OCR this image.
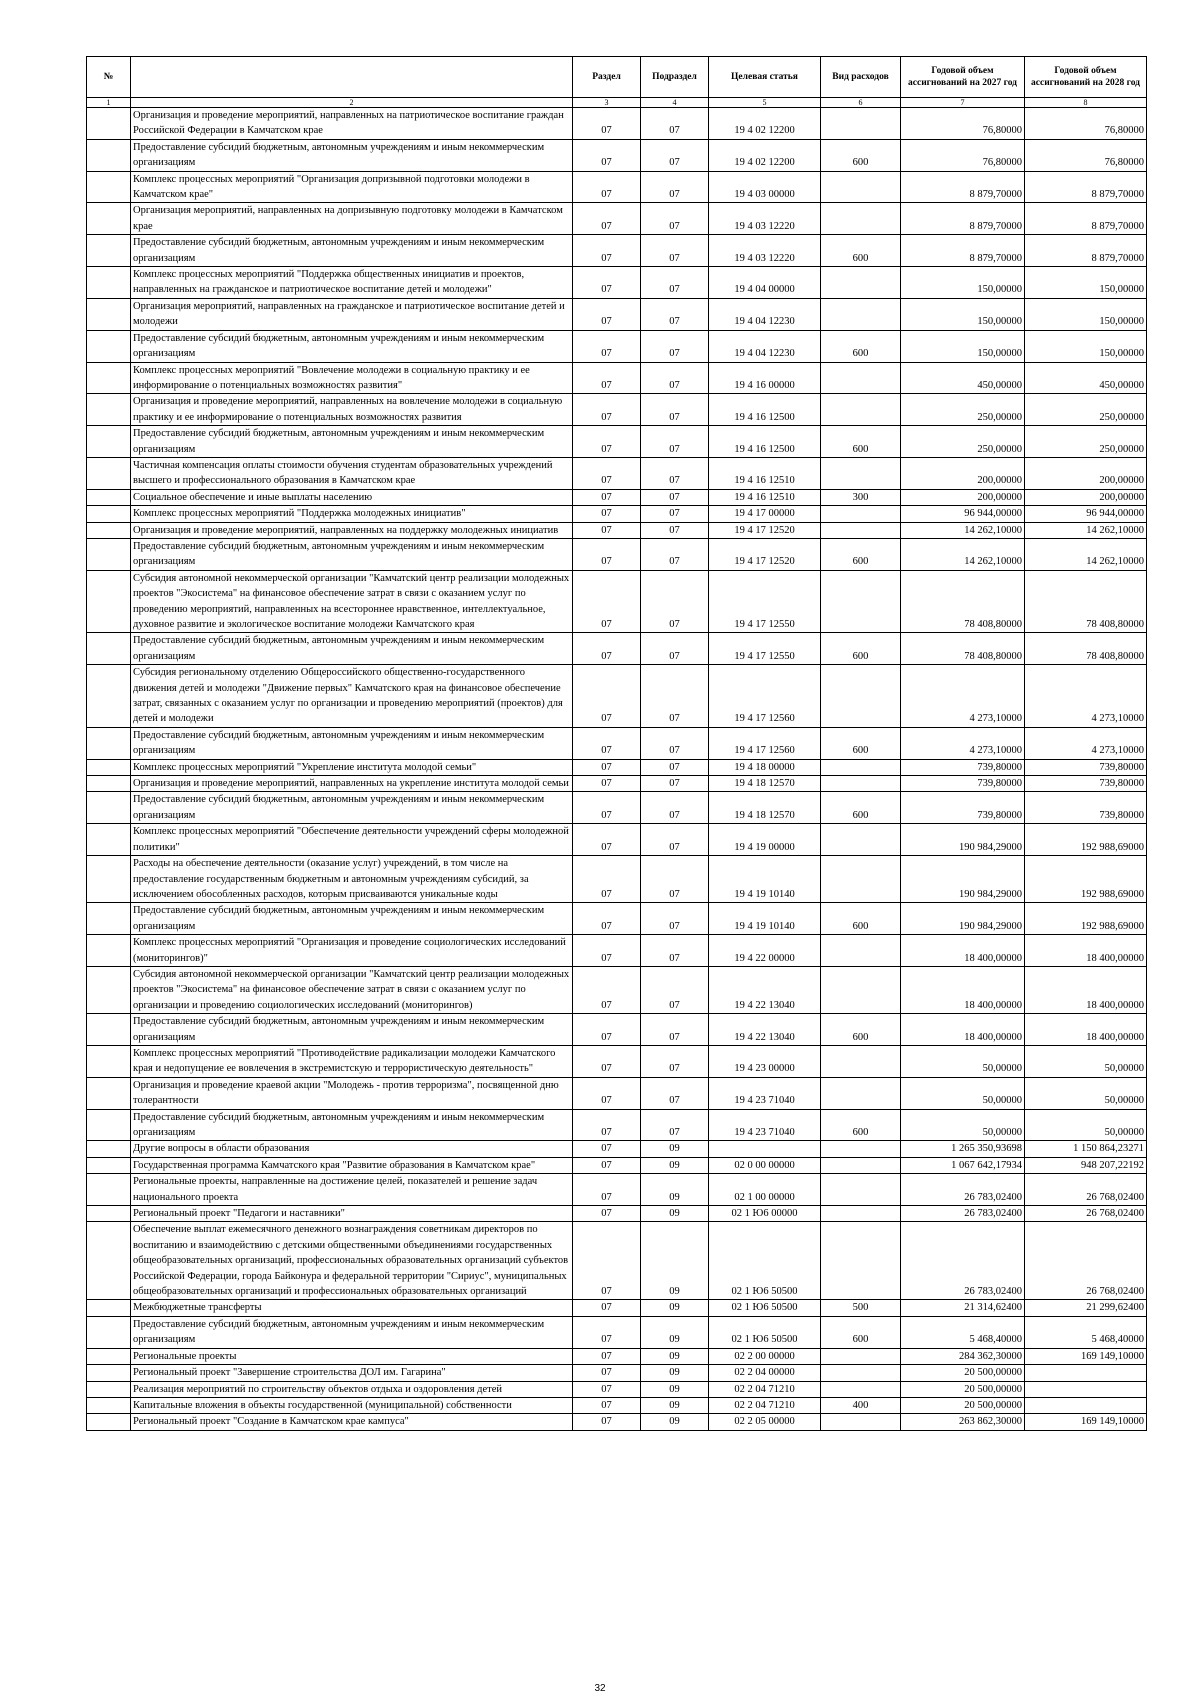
№		Раздел	Подраздел	Целевая статья	Вид расходов	Годовой объем ассигнований на 2027 год	Годовой объем ассигнований на 2028 год
1	2	3	4	5	6	7	8
	Организация и проведение мероприятий, направленных на патриотическое воспитание граждан Российской Федерации в Камчатском крае	07	07	19 4 02 12200		76,80000	76,80000
	Предоставление субсидий бюджетным, автономным учреждениям и иным некоммерческим организациям	07	07	19 4 02 12200	600	76,80000	76,80000
	Комплекс процессных мероприятий "Организация допризывной подготовки молодежи в Камчатском крае"	07	07	19 4 03 00000		8 879,70000	8 879,70000
	Организация мероприятий, направленных на допризывную подготовку молодежи в Камчатском крае	07	07	19 4 03 12220		8 879,70000	8 879,70000
	Предоставление субсидий бюджетным, автономным учреждениям и иным некоммерческим организациям	07	07	19 4 03 12220	600	8 879,70000	8 879,70000
	Комплекс процессных мероприятий "Поддержка общественных инициатив и проектов, направленных на гражданское и патриотическое воспитание детей и молодежи"	07	07	19 4 04 00000		150,00000	150,00000
	Организация мероприятий, направленных на гражданское и патриотическое воспитание детей и молодежи	07	07	19 4 04 12230		150,00000	150,00000
	Предоставление субсидий бюджетным, автономным учреждениям и иным некоммерческим организациям	07	07	19 4 04 12230	600	150,00000	150,00000
	Комплекс процессных мероприятий "Вовлечение молодежи в социальную практику и ее информирование о потенциальных возможностях развития"	07	07	19 4 16 00000		450,00000	450,00000
	Организация и проведение мероприятий, направленных на вовлечение молодежи в социальную практику и ее информирование о потенциальных возможностях развития	07	07	19 4 16 12500		250,00000	250,00000
	Предоставление субсидий бюджетным, автономным учреждениям и иным некоммерческим организациям	07	07	19 4 16 12500	600	250,00000	250,00000
	Частичная компенсация оплаты стоимости обучения студентам образовательных учреждений высшего и профессионального образования в Камчатском крае	07	07	19 4 16 12510		200,00000	200,00000
	Социальное обеспечение и иные выплаты населению	07	07	19 4 16 12510	300	200,00000	200,00000
	Комплекс процессных мероприятий "Поддержка молодежных инициатив"	07	07	19 4 17 00000		96 944,00000	96 944,00000
	Организация и проведение мероприятий, направленных на поддержку молодежных инициатив	07	07	19 4 17 12520		14 262,10000	14 262,10000
	Предоставление субсидий бюджетным, автономным учреждениям и иным некоммерческим организациям	07	07	19 4 17 12520	600	14 262,10000	14 262,10000
	Субсидия автономной некоммерческой организации "Камчатский центр реализации молодежных проектов "Экосистема" на финансовое обеспечение затрат в связи с оказанием услуг по проведению мероприятий, направленных на всестороннее нравственное, интеллектуальное, духовное развитие и экологическое воспитание молодежи Камчатского края	07	07	19 4 17 12550		78 408,80000	78 408,80000
	Предоставление субсидий бюджетным, автономным учреждениям и иным некоммерческим организациям	07	07	19 4 17 12550	600	78 408,80000	78 408,80000
	Субсидия региональному отделению Общероссийского общественно-государственного движения детей и молодежи "Движение первых" Камчатского края на финансовое обеспечение затрат, связанных с оказанием услуг по организации и проведению мероприятий (проектов) для детей и молодежи	07	07	19 4 17 12560		4 273,10000	4 273,10000
	Предоставление субсидий бюджетным, автономным учреждениям и иным некоммерческим организациям	07	07	19 4 17 12560	600	4 273,10000	4 273,10000
	Комплекс процессных мероприятий "Укрепление института молодой семьи"	07	07	19 4 18 00000		739,80000	739,80000
	Организация и проведение мероприятий, направленных на укрепление института молодой семьи	07	07	19 4 18 12570		739,80000	739,80000
	Предоставление субсидий бюджетным, автономным учреждениям и иным некоммерческим организациям	07	07	19 4 18 12570	600	739,80000	739,80000
	Комплекс процессных мероприятий "Обеспечение деятельности учреждений сферы молодежной политики"	07	07	19 4 19 00000		190 984,29000	192 988,69000
	Расходы на обеспечение деятельности (оказание услуг) учреждений, в том числе на предоставление государственным бюджетным и автономным учреждениям субсидий, за исключением обособленных расходов, которым присваиваются уникальные коды	07	07	19 4 19 10140		190 984,29000	192 988,69000
	Предоставление субсидий бюджетным, автономным учреждениям и иным некоммерческим организациям	07	07	19 4 19 10140	600	190 984,29000	192 988,69000
	Комплекс процессных мероприятий "Организация и проведение социологических исследований (мониторингов)"	07	07	19 4 22 00000		18 400,00000	18 400,00000
	Субсидия автономной некоммерческой организации "Камчатский центр реализации молодежных проектов "Экосистема" на финансовое обеспечение затрат в связи с оказанием услуг по организации и проведению социологических исследований (мониторингов)	07	07	19 4 22 13040		18 400,00000	18 400,00000
	Предоставление субсидий бюджетным, автономным учреждениям и иным некоммерческим организациям	07	07	19 4 22 13040	600	18 400,00000	18 400,00000
	Комплекс процессных мероприятий "Противодействие радикализации молодежи Камчатского края и недопущение ее вовлечения в экстремистскую и террористическую деятельность"	07	07	19 4 23 00000		50,00000	50,00000
	Организация и проведение краевой акции "Молодежь - против терроризма", посвященной дню толерантности	07	07	19 4 23 71040		50,00000	50,00000
	Предоставление субсидий бюджетным, автономным учреждениям и иным некоммерческим организациям	07	07	19 4 23 71040	600	50,00000	50,00000
	Другие вопросы в области образования	07	09			1 265 350,93698	1 150 864,23271
	Государственная программа Камчатского края "Развитие образования в Камчатском крае"	07	09	02 0 00 00000		1 067 642,17934	948 207,22192
	Региональные проекты, направленные на достижение целей, показателей и решение задач национального проекта	07	09	02 1 00 00000		26 783,02400	26 768,02400
	Региональный проект "Педагоги и наставники"	07	09	02 1 Ю6 00000		26 783,02400	26 768,02400
	Обеспечение выплат ежемесячного денежного вознаграждения советникам директоров по воспитанию и взаимодействию с детскими общественными объединениями государственных общеобразовательных организаций, профессиональных образовательных организаций субъектов Российской Федерации, города Байконура и федеральной территории "Сириус", муниципальных общеобразовательных организаций и профессиональных образовательных организаций	07	09	02 1 Ю6 50500		26 783,02400	26 768,02400
	Межбюджетные трансферты	07	09	02 1 Ю6 50500	500	21 314,62400	21 299,62400
	Предоставление субсидий бюджетным, автономным учреждениям и иным некоммерческим организациям	07	09	02 1 Ю6 50500	600	5 468,40000	5 468,40000
	Региональные проекты	07	09	02 2 00 00000		284 362,30000	169 149,10000
	Региональный проект "Завершение строительства ДОЛ им. Гагарина"	07	09	02 2 04 00000		20 500,00000	
	Реализация мероприятий по строительству объектов отдыха и оздоровления детей	07	09	02 2 04 71210		20 500,00000	
	Капитальные вложения в объекты государственной (муниципальной) собственности	07	09	02 2 04 71210	400	20 500,00000	
	Региональный проект "Создание в Камчатском крае кампуса"	07	09	02 2 05 00000		263 862,30000	169 149,10000
32
